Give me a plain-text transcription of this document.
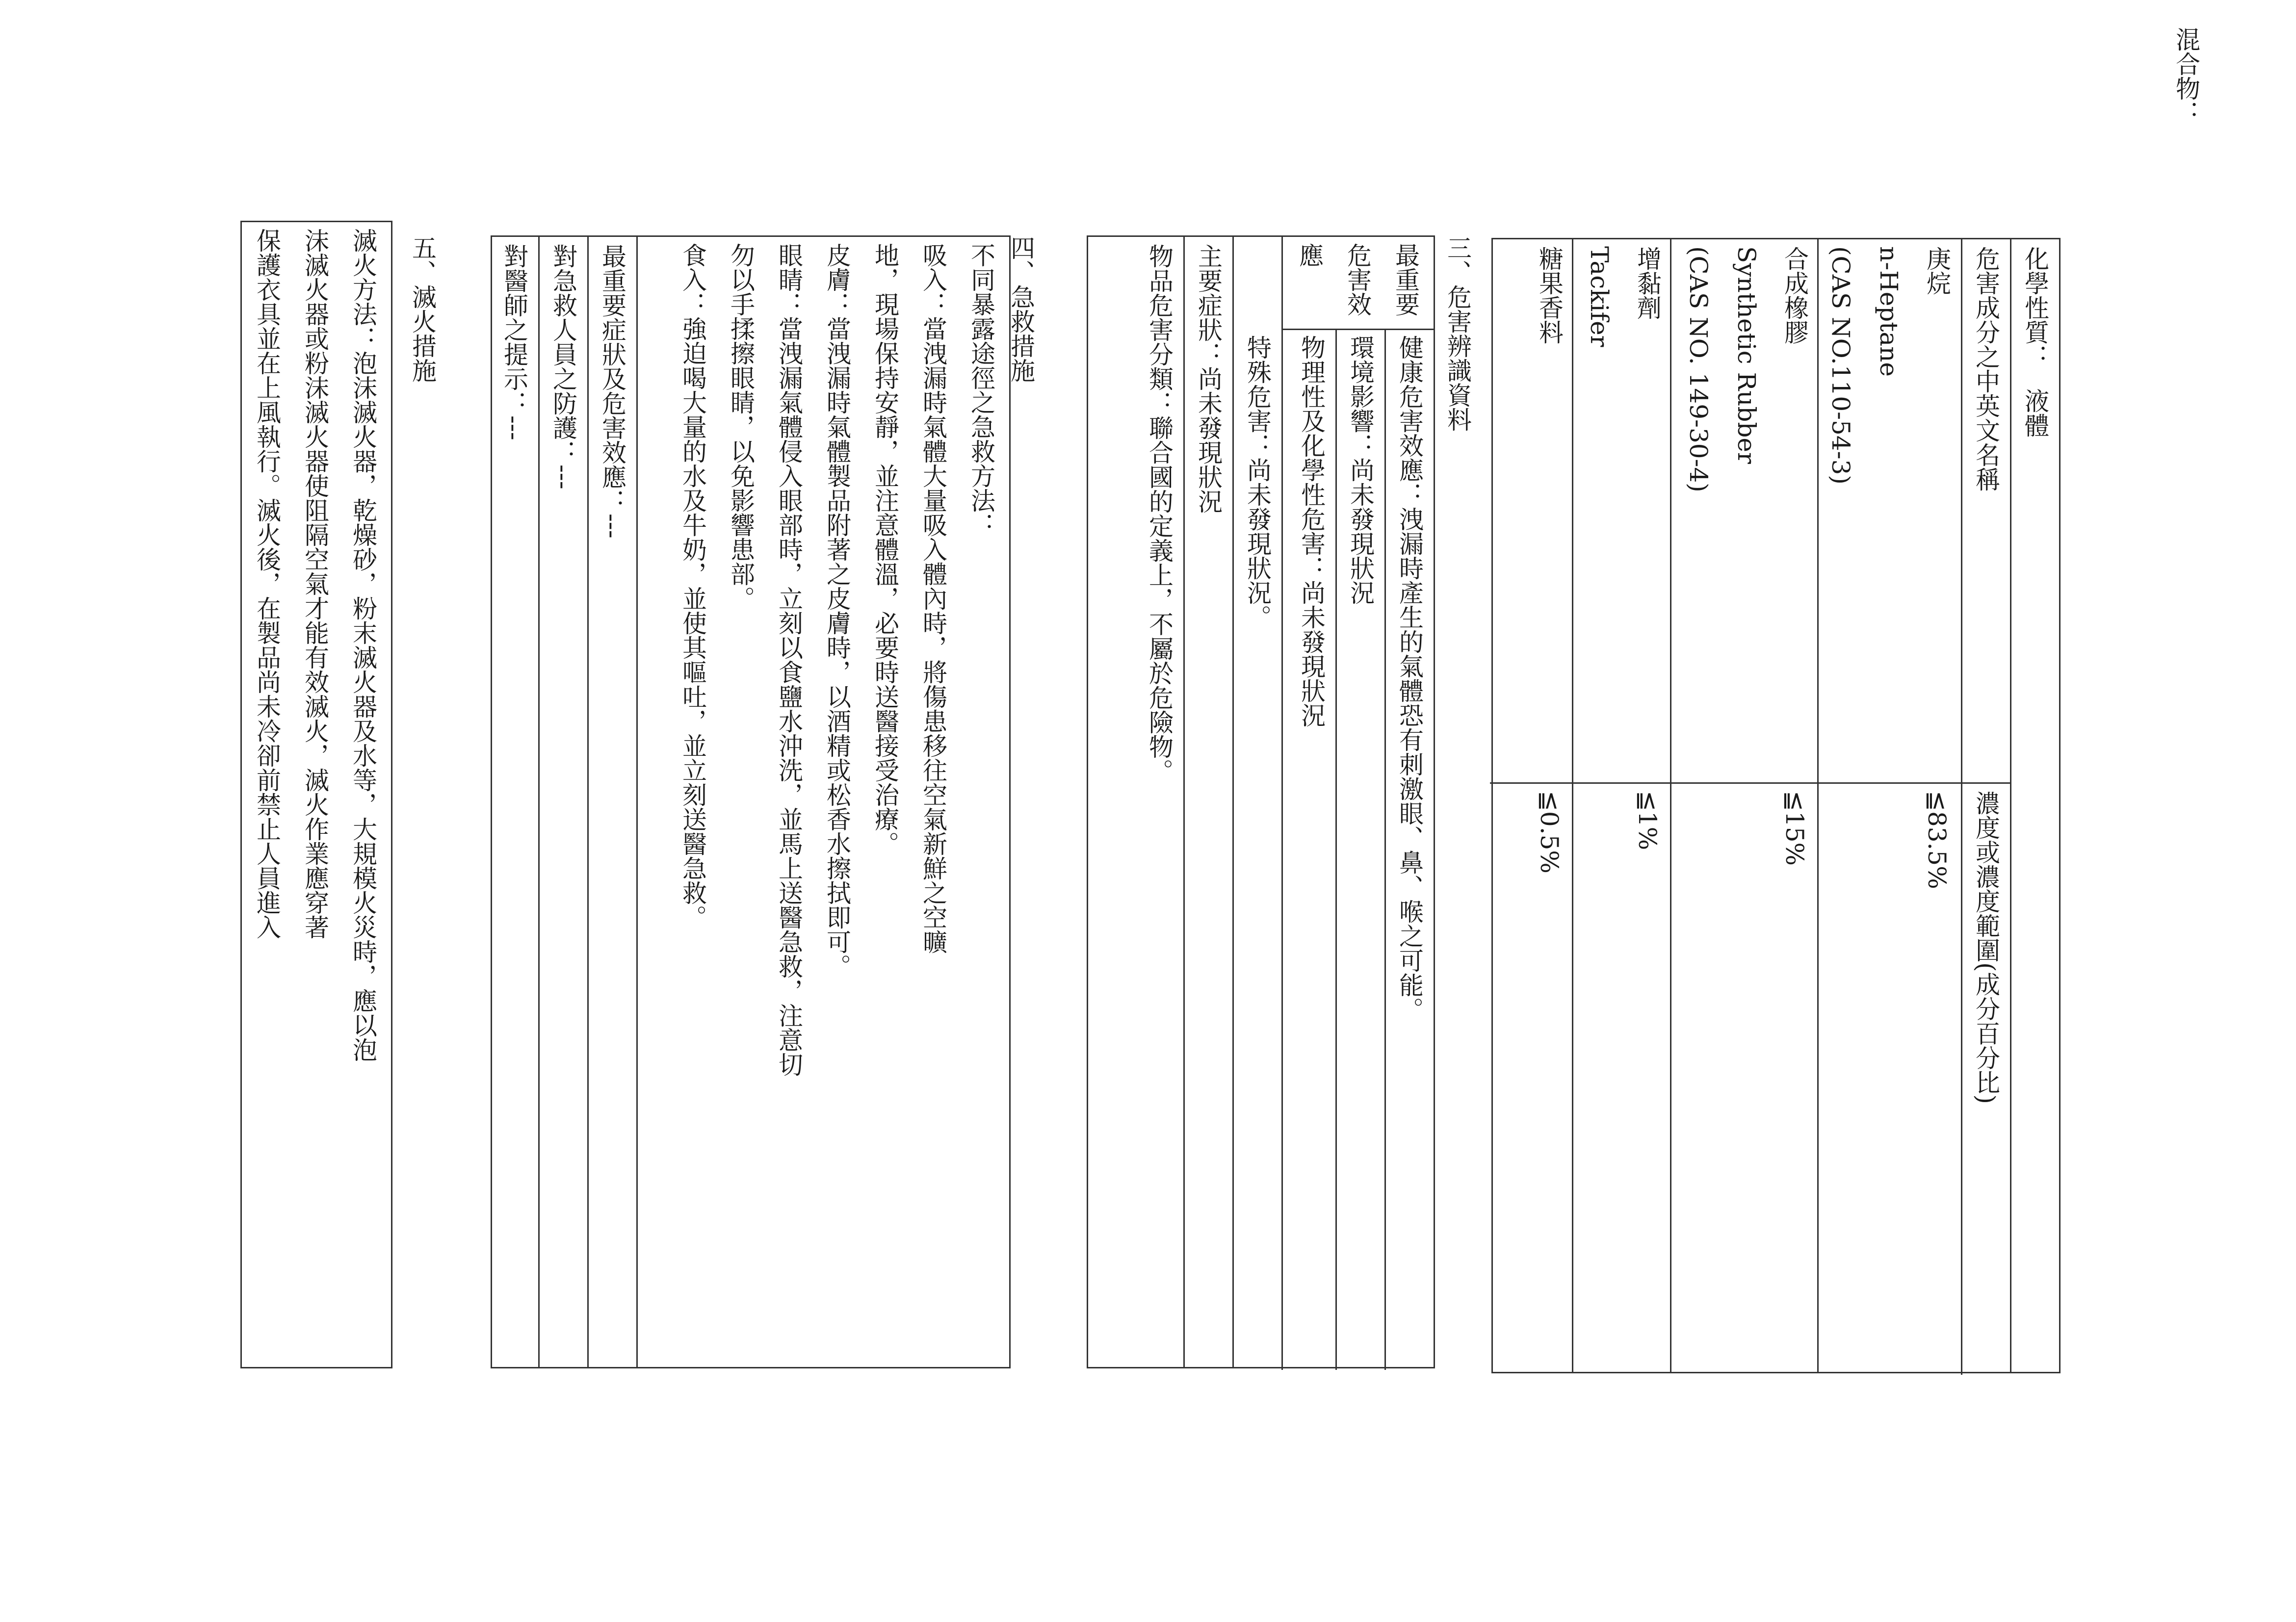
混合物：
化學性質：液體
危害成分之中英文名稱
濃度或濃度範圍(成分百分比)
庚烷
n-Heptane
(CAS NO.110-54-3)
≦83.5%
合成橡膠
Synthetic Rubber
(CAS NO. 149-30-4)
≦15%
增黏劑
Tackifer
≦1%
糖果香料
≦0.5%
三、危害辨識資料
最重要危害效應
健康危害效應：洩漏時產生的氣體恐有刺激眼、鼻、喉之可能。
環境影響：尚未發現狀況
物理性及化學性危害：尚未發現狀況
特殊危害：尚未發現狀況。
主要症狀：尚未發現狀況
物品危害分類：聯合國的定義上，不屬於危險物。
四、急救措施
不同暴露途徑之急救方法：
吸入：當洩漏時氣體大量吸入體內時，將傷患移往空氣新鮮之空曠
地，現場保持安靜，並注意體溫，必要時送醫接受治療。
皮膚：當洩漏時氣體製品附著之皮膚時，以酒精或松香水擦拭即可。
眼睛：當洩漏氣體侵入眼部時，立刻以食鹽水沖洗，並馬上送醫急救，注意切
勿以手揉擦眼睛，以免影響患部。
食入：強迫喝大量的水及牛奶，並使其嘔吐，並立刻送醫急救。
最重要症狀及危害效應：---
對急救人員之防護：---
對醫師之提示：---
五、滅火措施
滅火方法：泡沫滅火器，乾燥砂，粉末滅火器及水等，大規模火災時，應以泡
沫滅火器或粉沫滅火器使阻隔空氣才能有效滅火，滅火作業應穿著
保護衣具並在上風執行。滅火後，在製品尚未冷卻前禁止人員進入
